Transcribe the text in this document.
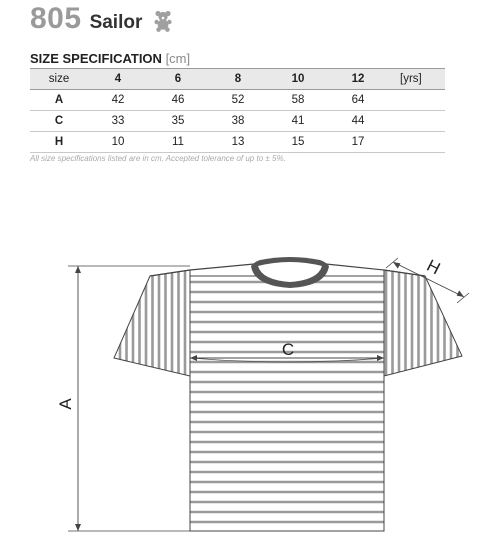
805 Sailor
SIZE SPECIFICATION [cm]
size	4	6	8	10	12	[yrs]
A	42	46	52	58	64	
C	33	35	38	41	44	
H	10	11	13	15	17	
All size specifications listed are in cm. Accepted tolerance of up to ± 5%.
A
C
H
